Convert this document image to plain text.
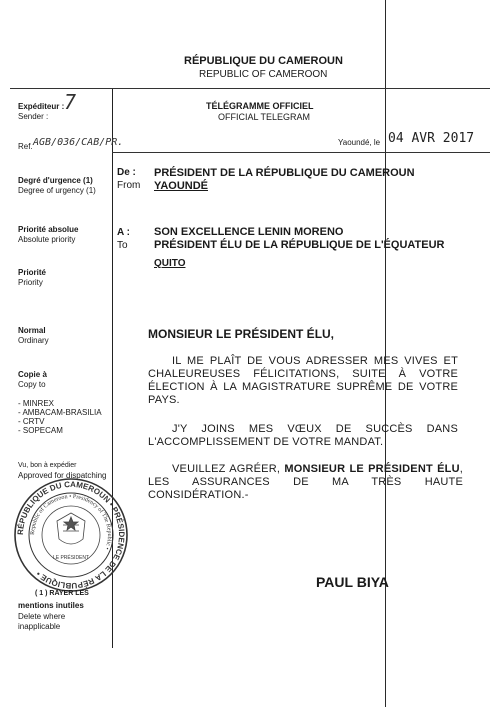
RÉPUBLIQUE DU CAMEROUN
REPUBLIC OF CAMEROON
Expéditeur : 7
Sender :
Ref. AGB/036/CAB/PR.
Degré d'urgence (1)
Degree of urgency (1)
Priorité absolue
Absolute priority
Priorité
Priority
Normal
Ordinary
Copie à
Copy to
- MINREX
- AMBACAM-BRASILIA
- CRTV
- SOPECAM
Vu, bon à expédier
Approved for dispatching
RÉPUBLIQUE DU CAMEROUN • PRÉSIDENCE DE LA RÉPUBLIQUE •
Republic of Cameroon • Presidency of The Republic •
LE PRÉSIDENT
( 1 ) RAYER LES
mentions inutiles
Delete where
inapplicable
TÉLÉGRAMME OFFICIEL
OFFICIAL TELEGRAM
Yaoundé, le 04 AVR 2017
De :
From
PRÉSIDENT DE LA RÉPUBLIQUE DU CAMEROUN
YAOUNDÉ
A :
To
SON EXCELLENCE LENIN MORENO
PRÉSIDENT ÉLU DE LA RÉPUBLIQUE DE L'ÉQUATEUR
QUITO
MONSIEUR LE PRÉSIDENT ÉLU,
IL ME PLAÎT DE VOUS ADRESSER MES VIVES ET CHALEUREUSES FÉLICITATIONS, SUITE À VOTRE ÉLECTION À LA MAGISTRATURE SUPRÊME DE VOTRE PAYS.
J'Y JOINS MES VŒUX DE SUCCÈS DANS L'ACCOMPLISSEMENT DE VOTRE MANDAT.
VEUILLEZ AGRÉER, MONSIEUR LE PRÉSIDENT ÉLU, LES ASSURANCES DE MA TRÈS HAUTE CONSIDÉRATION.-
PAUL BIYA
